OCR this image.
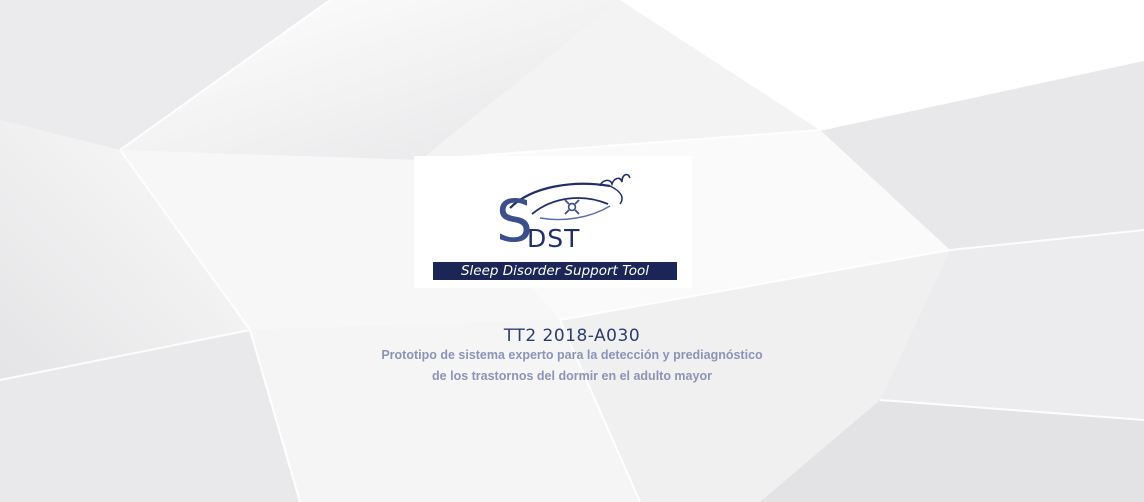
S
DST
Sleep Disorder Support Tool
TT2 2018-A030
Prototipo de sistema experto para la detección y prediagnóstico
de los trastornos del dormir en el adulto mayor
